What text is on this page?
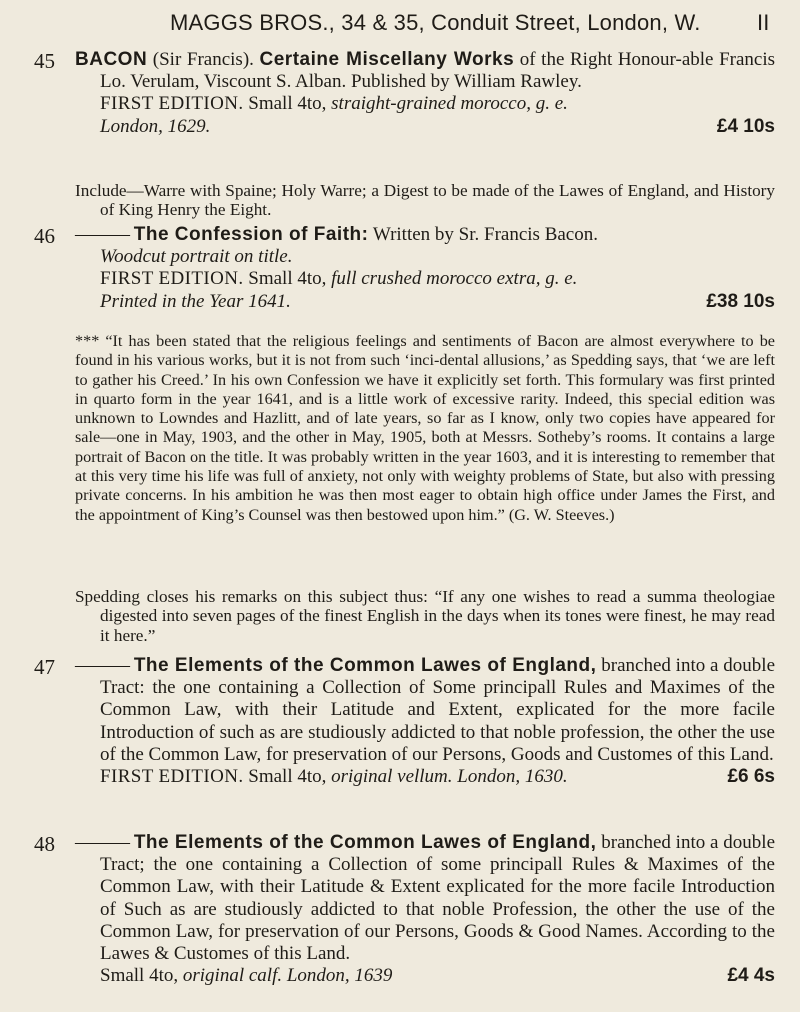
MAGGS BROS., 34 & 35, Conduit Street, London, W.	II
45 BACON (Sir Francis). Certaine Miscellany Works of the Right Honour-able Francis Lo. Verulam, Viscount S. Alban. Published by William Rawley.

FIRST EDITION. Small 4to, straight-grained morocco, g. e.

London, 1629.	£4 10s

Include—Warre with Spaine; Holy Warre; a Digest to be made of the Lawes of England, and History of King Henry the Eight.

46 ——— The Confession of Faith: Written by Sr. Francis Bacon.

Woodcut portrait on title.

FIRST EDITION. Small 4to, full crushed morocco extra, g. e.

Printed in the Year 1641.	£38 10s

*** “It has been stated that the religious feelings and sentiments of Bacon are almost everywhere to be found in his various works, but it is not from such ‘inci-dental allusions,’ as Spedding says, that ‘we are left to gather his Creed.’ In his own Confession we have it explicitly set forth. This formulary was first printed in quarto form in the year 1641, and is a little work of excessive rarity. Indeed, this special edition was unknown to Lowndes and Hazlitt, and of late years, so far as I know, only two copies have appeared for sale—one in May, 1903, and the other in May, 1905, both at Messrs. Sotheby’s rooms. It contains a large portrait of Bacon on the title. It was probably written in the year 1603, and it is interesting to remember that at this very time his life was full of anxiety, not only with weighty problems of State, but also with pressing private concerns. In his ambition he was then most eager to obtain high office under James the First, and the appointment of King’s Counsel was then bestowed upon him.” (G. W. Steeves.)

Spedding closes his remarks on this subject thus: “If any one wishes to read a summa theologiae digested into seven pages of the finest English in the days when its tones were finest, he may read it here.”

47 ——— The Elements of the Common Lawes of England, branched into a double Tract: the one containing a Collection of Some principall Rules and Maximes of the Common Law, with their Latitude and Extent, explicated for the more facile Introduction of such as are studiously addicted to that noble profession, the other the use of the Common Law, for preservation of our Persons, Goods and Customes of this Land.

FIRST EDITION. Small 4to, original vellum. London, 1630.	£6 6s

48 ——— The Elements of the Common Lawes of England, branched into a double Tract; the one containing a Collection of some principall Rules & Maximes of the Common Law, with their Latitude & Extent explicated for the more facile Introduction of Such as are studiously addicted to that noble Profession, the other the use of the Common Law, for preservation of our Persons, Goods & Good Names. According to the Lawes & Customes of this Land.

Small 4to, original calf. London, 1639	£4 4s
